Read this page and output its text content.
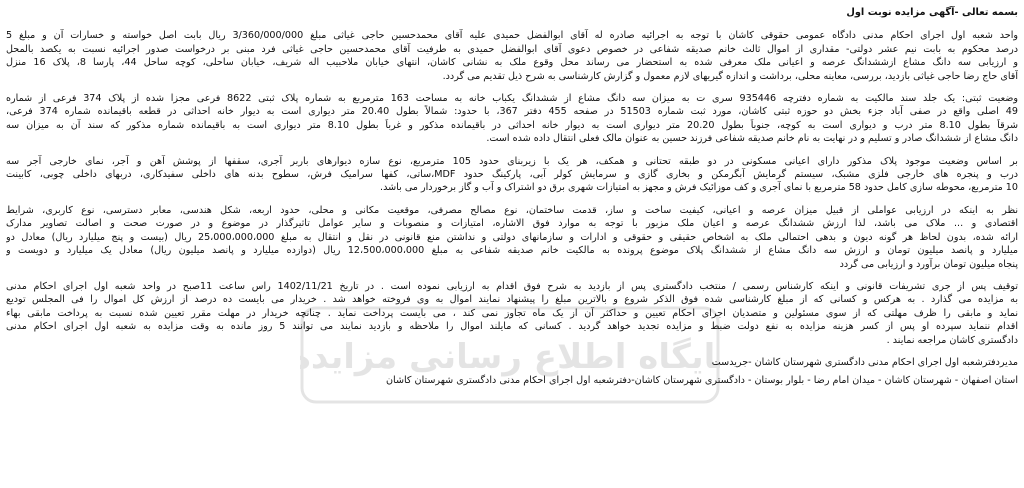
بسمه تعالی -آگهی مزایده نوبت اول
واحد شعبه اول اجرای احکام مدنی دادگاه عمومی حقوقی کاشان با توجه به اجرائیه صادره له آقای ابوالفضل حمیدی علیه آقای محمدحسین حاجی غیاثی مبلغ 3/360/000/000 ریال بابت اصل خواسته و خسارات آن و مبلغ 5
درصد محکوم به بابت نیم عشر دولتی- مقداری از اموال ثالث خانم صدیقه شفاعی در خصوص دعوی آقای ابوالفضل حمیدی به طرفیت آقای محمدحسین حاجی غیاثی فرد مبنی بر درخواست صدور اجرائیه نسبت به یکصد بالمحل
و ارزیابی سه دانگ مشاع ازششدانگ عرصه و اعیانی ملک معرفی شده به استحضار می رساند محل وقوع ملک به نشانی کاشان، انتهای خیابان ملاحبیب اله شریف، خیابان ساحلی، کوچه ساحل 44، پارسا 8، پلاک 16 منزل
آقای حاج رضا حاجی غیاثی بازدید، بررسی، معاینه محلی، برداشت و اندازه گیریهای لازم معمول و گزارش کارشناسی به شرح ذیل تقدیم می گردد.
وضعیت ثبتی: یک جلد سند مالکیت به شماره دفترچه 935446 سری ت به میزان سه دانگ مشاع از ششدانگ یکباب خانه به مساحت 163 مترمربع به شماره پلاک ثبتی 8622 فرعی مجزا شده از پلاک 374 فرعی از شماره
49 اصلی واقع در صفی آباد جزء بخش دو حوزه ثبتی کاشان، مورد ثبت شماره 51503 در صفحه 455 دفتر 367، با حدود: شمالاً بطول 20.40 متر دیواری است به دیوار خانه احداثی در قطعه باقیمانده شماره 374 فرعی،
شرقاً بطول 8.10 متر درب و دیواری است به کوچه، جنوباً بطول 20.20 متر دیواری است به دیوار خانه احداثی در باقیمانده مذکور و غرباً بطول 8.10 متر دیواری است به باقیمانده شماره مذکور که سند آن به میزان سه
دانگ مشاع از ششدانگ صادر و تسلیم و در نهایت به نام خانم صدیقه شفاعی فرزند حسین به عنوان مالک فعلی انتقال داده شده است.
بر اساس وضعیت موجود پلاک مذکور دارای اعیانی مسکونی در دو طبقه تحتانی و همکف، هر یک با زیربنای حدود 105 مترمربع، نوع سازه دیوارهای باربر آجری، سقفها از پوشش آهن و آجر، نمای خارجی آجر سه
درب و پنجره های خارجی فلزی مشبک، سیستم گرمایش آبگرمکن و بخاری گازی و سرمایش کولر آبی، پارکینگ حدود MDF،ساتی، کفها سرامیک فرش، سطوح بدنه های داخلی سفیدکاری، دربهای داخلی چوبی، کابینت
10 مترمربع، محوطه سازی کامل حدود 58 مترمربع با نمای آجری و کف موزائیک فرش و مجهز به امتیازات شهری برق دو اشتراک و آب و گاز برخوردار می باشد.
نظر به اینکه در ارزیابی عواملی از قبیل میزان عرصه و اعیانی، کیفیت ساخت و ساز، قدمت ساختمان، نوع مصالح مصرفی، موقعیت مکانی و محلی، حدود اربعه، شکل هندسی، معابر دسترسی، نوع کاربری، شرایط
اقتصادی و ... ملاک می باشد، لذا ارزش ششدانگ عرصه و اعیان ملک مزبور با توجه به موارد فوق الاشاره، امتیازات و منصوبات و سایر عوامل تاثیرگذار در موضوع و در صورت صحت و اصالت تصاویر مدارک
ارائه شده، بدون لحاظ هر گونه دیون و بدهی احتمالی ملک به اشخاص حقیقی و حقوقی و ادارات و سازمانهای دولتی و نداشتن منع قانونی در نقل و انتقال به مبلغ 25،000،000،000 ریال (بیست و پنج میلیارد ریال) معادل دو
میلیارد و پانصد میلیون تومان و ارزش سه دانگ مشاع از ششدانگ پلاک موضوع پرونده به مالکیت خانم صدیقه شفاعی به مبلغ 12،500،000،000 ریال (دوازده میلیارد و پانصد میلیون ریال) معادل یک میلیارد و دویست و
پنجاه میلیون تومان برآورد و ارزیابی می گردد
توقیف پس از جری تشریفات قانونی و اینکه کارشناس رسمی / منتخب دادگستری پس از بازدید به شرح فوق اقدام به ارزیابی نموده است . در تاریخ 1402/11/21 راس ساعت 11صبح در واحد شعبه اول اجرای احکام مدنی
به مزایده می گذارد . به هرکس و کسانی که از مبلغ کارشناسی شده فوق الذکر شروع و بالاترین مبلغ را پیشنهاد نمایند اموال به وی فروخته خواهد شد . خریدار می بایست ده درصد از ارزش کل اموال را فی المجلس تودیع
نماید و مابقی را ظرف مهلتی که از سوی مسئولین و متصدیان اجرای احکام تعیین و حداکثر آن از یک ماه تجاوز نمی کند ، می بایست پرداخت نماید . چنانچه خریدار در مهلت مقرر تعیین شده نسبت به پرداخت مابقی بهاء
اقدام ننماید سپرده او پس از کسر هزینه مزایده به نفع دولت ضبط و مزایده تجدید خواهد گردید . کسانی که مایلند اموال را ملاحظه و بازدید نمایند می توانند 5 روز مانده به وقت مزایده به شعبه اول اجرای احکام مدنی
دادگستری کاشان مراجعه نمایند .
مدیردفترشعبه اول اجرای احکام مدنی دادگستری شهرستان کاشان -جریدست
استان اصفهان - شهرستان کاشان - میدان امام رضا - بلوار بوستان - دادگستری شهرستان کاشان-دفترشعبه اول اجرای احکام مدنی دادگستری شهرستان کاشان
پایگاه اطلاع رسانی مزایده
